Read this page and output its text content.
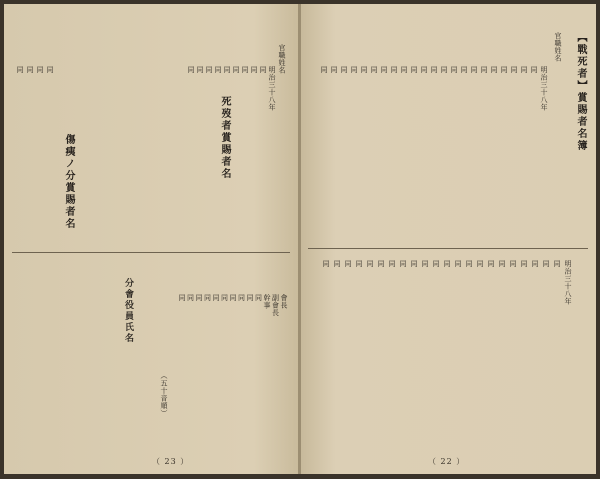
【戰死者】賞賜者名簿
官職姓名
明治三十八年
同
同
同
同
同
同
同
同
同
同
同
同
同
同
同
同
同
同
同
同
同
同
明治三十八年
同
同
同
同
同
同
同
同
同
同
同
同
同
同
同
同
同
同
同
同
同
同
（ 22 ）
死歿者賞賜者名
官職姓名
明治三十八年
同
同
同
同
同
同
同
同
同
傷痍ノ分賞賜者名
同 同 同 同
分會役員氏名
（五十音順）
會長
副會長
幹事
同
同
同
同
同
同
同
同
同
同
（ 23 ）
